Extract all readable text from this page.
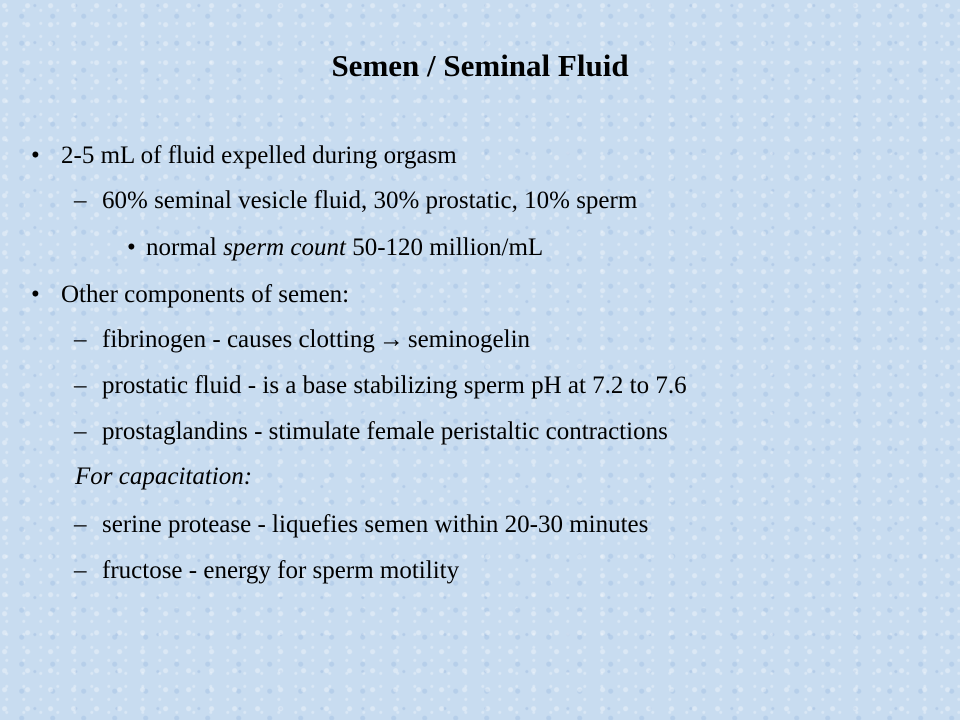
Semen / Seminal Fluid
• 2-5 mL of fluid expelled during orgasm
– 60% seminal vesicle fluid, 30% prostatic, 10% sperm
• normal sperm count 50-120 million/mL
• Other components of semen:
– fibrinogen - causes clotting → seminogelin
– prostatic fluid - is a base stabilizing sperm pH at 7.2 to 7.6
– prostaglandins - stimulate female peristaltic contractions
For capacitation:
– serine protease - liquefies semen within 20-30 minutes
– fructose - energy for sperm motility
